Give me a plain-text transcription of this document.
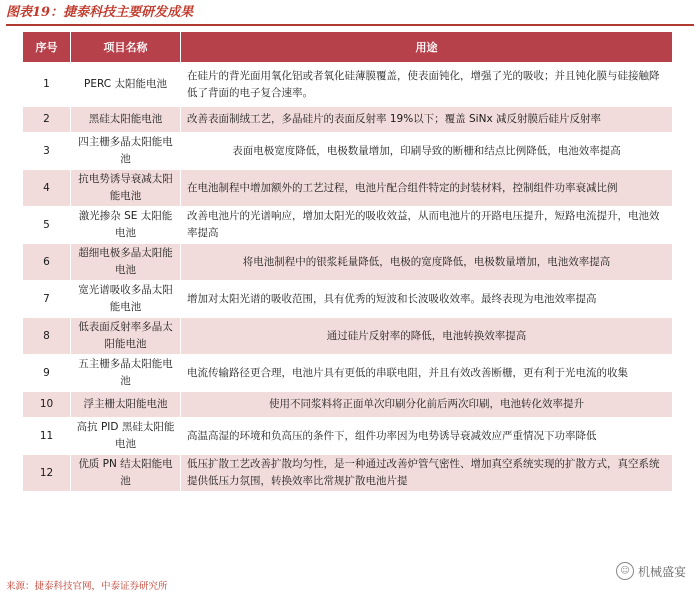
图表19：捷泰科技主要研发成果
序号	项目名称	用途
1	PERC 太阳能电池	在硅片的背光面用氧化铝或者氧化硅薄膜覆盖，使表面钝化，增强了光的吸收；并且钝化膜与硅接触降低了背面的电子复合速率。
2	黑硅太阳能电池	改善表面制绒工艺，多晶硅片的表面反射率 19%以下；覆盖 SiNx 减反射膜后硅片反射率
3	四主栅多晶太阳能电池	表面电极宽度降低，电极数量增加，印刷导致的断栅和结点比例降低，电池效率提高
4	抗电势诱导衰减太阳能电池	在电池制程中增加额外的工艺过程，电池片配合组件特定的封装材料，控制组件功率衰减比例
5	激光掺杂 SE 太阳能电池	改善电池片的光谱响应，增加太阳光的吸收效益，从而电池片的开路电压提升，短路电流提升，电池效率提高
6	超细电极多晶太阳能电池	将电池制程中的银浆耗量降低，电极的宽度降低，电极数量增加，电池效率提高
7	宽光谱吸收多晶太阳能电池	增加对太阳光谱的吸收范围，具有优秀的短波和长波吸收效率。最终表现为电池效率提高
8	低表面反射率多晶太阳能电池	通过硅片反射率的降低，电池转换效率提高
9	五主栅多晶太阳能电池	电流传输路径更合理，电池片具有更低的串联电阻，并且有效改善断栅，更有利于光电流的收集
10	浮主栅太阳能电池	使用不同浆料将正面单次印刷分化前后两次印刷，电池转化效率提升
11	高抗 PID 黑硅太阳能电池	高温高湿的环境和负高压的条件下，组件功率因为电势诱导衰减效应严重情况下功率降低
12	优质 PN 结太阳能电池	低压扩散工艺改善扩散均匀性，是一种通过改善炉管气密性、增加真空系统实现的扩散方式，真空系统提供低压力氛围，转换效率比常规扩散电池片提
来源：捷泰科技官网，中泰证券研究所
☺ 机械盛宴
